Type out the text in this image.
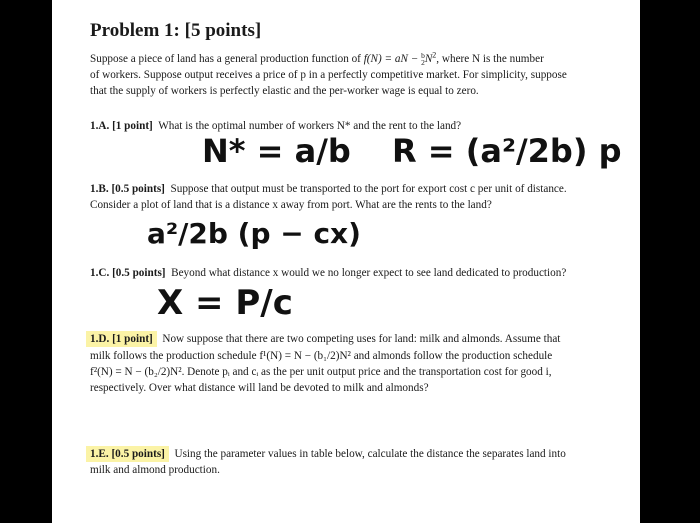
Problem 1: [5 points]
Suppose a piece of land has a general production function of f(N) = aN − b
2 $N^2$, where N is the number
of workers. Suppose output receives a price of p in a perfectly competitive market. For simplicity, suppose
that the supply of workers is perfectly elastic and the per-worker wage is equal to zero.
1.A. [1 point] What is the optimal number of workers N* and the rent to the land?
N* = a/b R = (a²/2b) p
1.B. [0.5 points] Suppose that output must be transported to the port for export cost c per unit of distance.
Consider a plot of land that is a distance x away from port. What are the rents to the land?
a²/2b (p − cx)
1.C. [0.5 points] Beyond what distance x would we no longer expect to see land dedicated to production?
X = P/c
1.D. [1 point] Now suppose that there are two competing uses for land: milk and almonds. Assume that
milk follows the production schedule f¹(N) = N − (b₁/2)N² and almonds follow the production schedule
f²(N) = N − (b₂/2)N². Denote pᵢ and cᵢ as the per unit output price and the transportation cost for good i,
respectively. Over what distance will land be devoted to milk and almonds?
1.E. [0.5 points] Using the parameter values in table below, calculate the distance the separates land into
milk and almond production.
